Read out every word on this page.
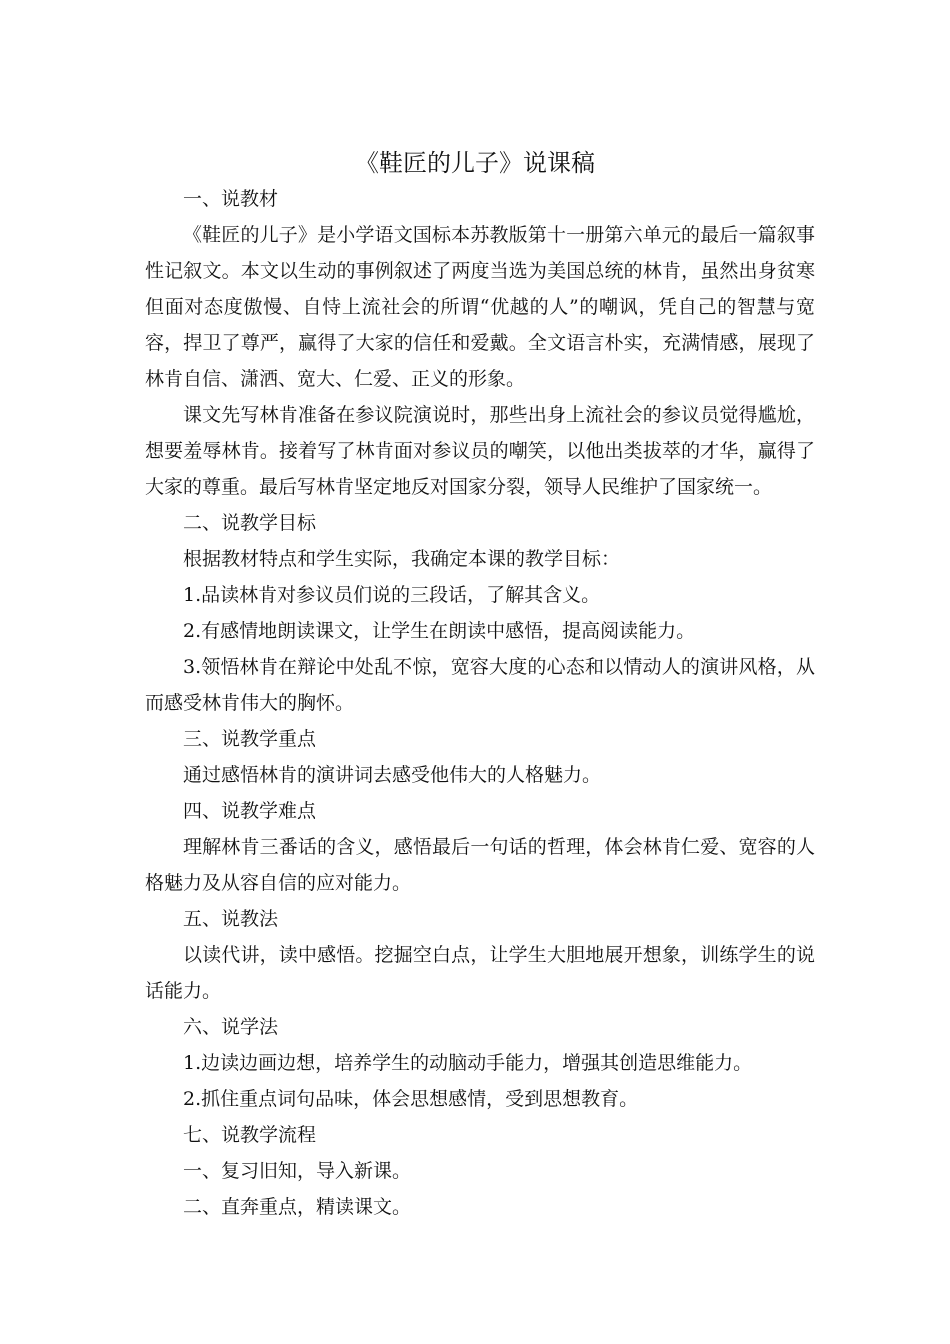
《鞋匠的儿子》说课稿
一、说教材
《鞋匠的儿子》是小学语文国标本苏教版第十一册第六单元的最后一篇叙事性记叙文。本文以生动的事例叙述了两度当选为美国总统的林肯，虽然出身贫寒但面对态度傲慢、自恃上流社会的所谓“优越的人”的嘲讽，凭自己的智慧与宽容，捍卫了尊严，赢得了大家的信任和爱戴。全文语言朴实，充满情感，展现了林肯自信、潇洒、宽大、仁爱、正义的形象。
课文先写林肯准备在参议院演说时，那些出身上流社会的参议员觉得尴尬，想要羞辱林肯。接着写了林肯面对参议员的嘲笑，以他出类拔萃的才华，赢得了大家的尊重。最后写林肯坚定地反对国家分裂，领导人民维护了国家统一。
二、说教学目标
根据教材特点和学生实际，我确定本课的教学目标：
1.品读林肯对参议员们说的三段话，了解其含义。
2.有感情地朗读课文，让学生在朗读中感悟，提高阅读能力。
3.领悟林肯在辩论中处乱不惊，宽容大度的心态和以情动人的演讲风格，从而感受林肯伟大的胸怀。
三、说教学重点
通过感悟林肯的演讲词去感受他伟大的人格魅力。
四、说教学难点
理解林肯三番话的含义，感悟最后一句话的哲理，体会林肯仁爱、宽容的人格魅力及从容自信的应对能力。
五、说教法
以读代讲，读中感悟。挖掘空白点，让学生大胆地展开想象，训练学生的说话能力。
六、说学法
1.边读边画边想，培养学生的动脑动手能力，增强其创造思维能力。
2.抓住重点词句品味，体会思想感情，受到思想教育。
七、说教学流程
一、复习旧知，导入新课。
二、直奔重点，精读课文。
